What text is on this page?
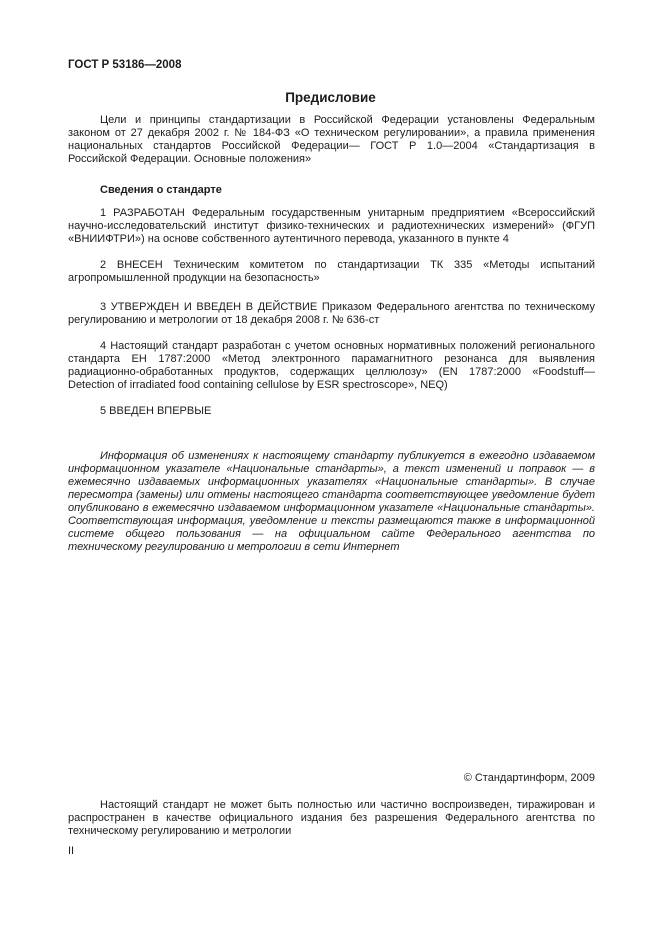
ГОСТ Р 53186—2008
Предисловие
Цели и принципы стандартизации в Российской Федерации установлены Федеральным законом от 27 декабря 2002 г. № 184-ФЗ «О техническом регулировании», а правила применения национальных стандартов Российской Федерации— ГОСТ Р 1.0—2004 «Стандартизация в Российской Федерации. Основные положения»
Сведения о стандарте
1 РАЗРАБОТАН Федеральным государственным унитарным предприятием «Всероссийский научно-исследовательский институт физико-технических и радиотехнических измерений» (ФГУП «ВНИИФТРИ») на основе собственного аутентичного перевода, указанного в пункте 4
2 ВНЕСЕН Техническим комитетом по стандартизации ТК 335 «Методы испытаний агропромышленной продукции на безопасность»
3 УТВЕРЖДЕН И ВВЕДЕН В ДЕЙСТВИЕ Приказом Федерального агентства по техническому регулированию и метрологии от 18 декабря 2008 г. № 636-ст
4 Настоящий стандарт разработан с учетом основных нормативных положений регионального стандарта ЕН 1787:2000 «Метод электронного парамагнитного резонанса для выявления радиационно-обработанных продуктов, содержащих целлюлозу» (EN 1787:2000 «Foodstuff— Detection of irradiated food containing cellulose by ESR spectroscope», NEQ)
5 ВВЕДЕН ВПЕРВЫЕ
Информация об изменениях к настоящему стандарту публикуется в ежегодно издаваемом информационном указателе «Национальные стандарты», а текст изменений и поправок — в ежемесячно издаваемых информационных указателях «Национальные стандарты». В случае пересмотра (замены) или отмены настоящего стандарта соответствующее уведомление будет опубликовано в ежемесячно издаваемом информационном указателе «Национальные стандарты». Соответствующая информация, уведомление и тексты размещаются также в информационной системе общего пользования — на официальном сайте Федерального агентства по техническому регулированию и метрологии в сети Интернет
© Стандартинформ, 2009
Настоящий стандарт не может быть полностью или частично воспроизведен, тиражирован и распространен в качестве официального издания без разрешения Федерального агентства по техническому регулированию и метрологии
II
